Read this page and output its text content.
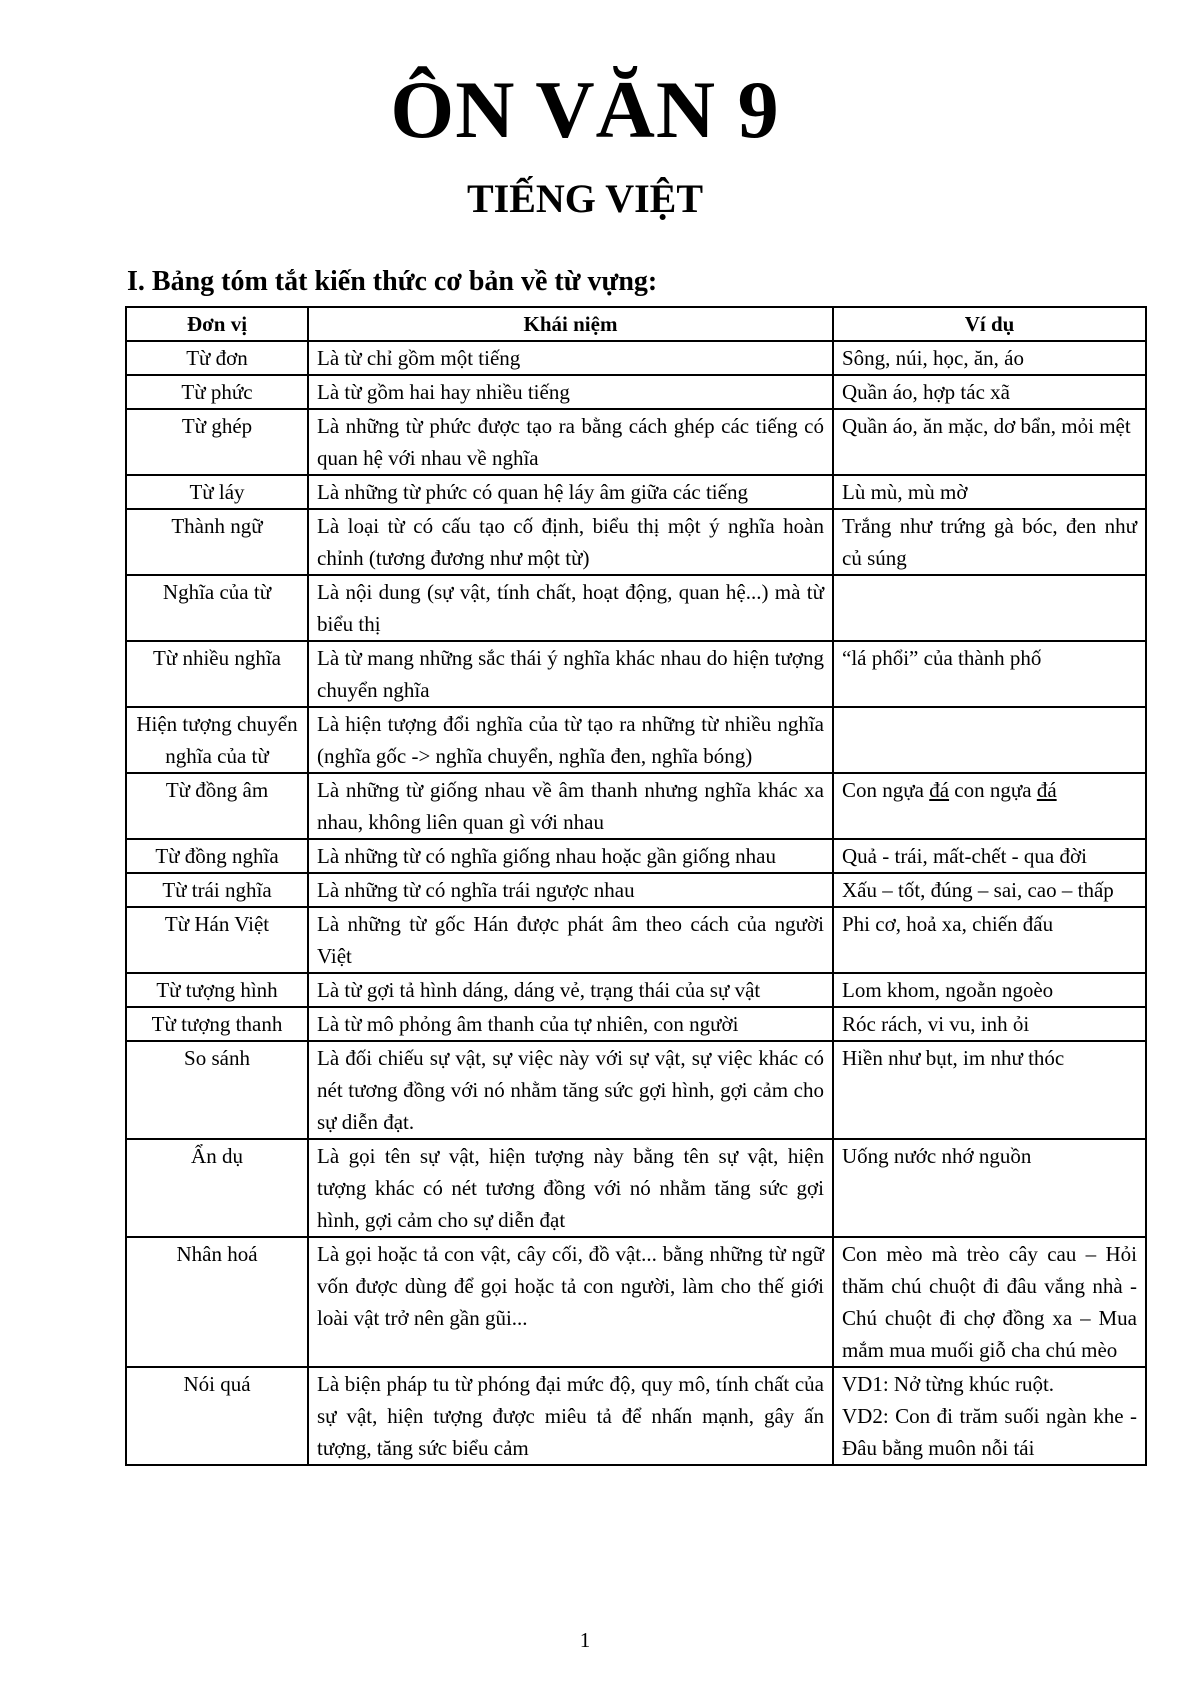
ÔN VĂN 9
TIẾNG VIỆT
I. Bảng tóm tắt kiến thức cơ bản về từ vựng:
Đơn vị	Khái niệm	Ví dụ
Từ đơn	Là từ chỉ gồm một tiếng	Sông, núi, học, ăn, áo
Từ phức	Là từ gồm hai hay nhiều tiếng	Quần áo, hợp tác xã
Từ ghép	Là những từ phức được tạo ra bằng cách ghép các tiếng có quan hệ với nhau về nghĩa	Quần áo, ăn mặc, dơ bẩn, mỏi mệt
Từ láy	Là những từ phức có quan hệ láy âm giữa các tiếng	Lù mù, mù mờ
Thành ngữ	Là loại từ có cấu tạo cố định, biểu thị một ý nghĩa hoàn chỉnh (tương đương như một từ)	Trắng như trứng gà bóc, đen như củ súng
Nghĩa của từ	Là nội dung (sự vật, tính chất, hoạt động, quan hệ...) mà từ biểu thị	
Từ nhiều nghĩa	Là từ mang những sắc thái ý nghĩa khác nhau do hiện tượng chuyển nghĩa	“lá phổi” của thành phố
Hiện tượng chuyển nghĩa của từ	Là hiện tượng đổi nghĩa của từ tạo ra những từ nhiều nghĩa (nghĩa gốc -> nghĩa chuyển, nghĩa đen, nghĩa bóng)	
Từ đồng âm	Là những từ giống nhau về âm thanh nhưng nghĩa khác xa nhau, không liên quan gì với nhau	Con ngựa đá con ngựa đá
Từ đồng nghĩa	Là những từ có nghĩa giống nhau hoặc gần giống nhau	Quả - trái, mất-chết - qua đời
Từ trái nghĩa	Là những từ có nghĩa trái ngược nhau	Xấu – tốt, đúng – sai, cao – thấp
Từ Hán Việt	Là những từ gốc Hán được phát âm theo cách của người Việt	Phi cơ, hoả xa, chiến đấu
Từ tượng hình	Là từ gợi tả hình dáng, dáng vẻ, trạng thái của sự vật	Lom khom, ngoằn ngoèo
Từ tượng thanh	Là từ mô phỏng âm thanh của tự nhiên, con người	Róc rách, vi vu, inh ỏi
So sánh	Là đối chiếu sự vật, sự việc này với sự vật, sự việc khác có nét tương đồng với nó nhằm tăng sức gợi hình, gợi cảm cho sự diễn đạt.	Hiền như bụt, im như thóc
Ẩn dụ	Là gọi tên sự vật, hiện tượng này bằng tên sự vật, hiện tượng khác có nét tương đồng với nó nhằm tăng sức gợi hình, gợi cảm cho sự diễn đạt	Uống nước nhớ nguồn
Nhân hoá	Là gọi hoặc tả con vật, cây cối, đồ vật... bằng những từ ngữ vốn được dùng để gọi hoặc tả con người, làm cho thế giới loài vật trở nên gần gũi...	Con mèo mà trèo cây cau – Hỏi thăm chú chuột đi đâu vắng nhà - Chú chuột đi chợ đồng xa – Mua mắm mua muối giỗ cha chú mèo
Nói quá	Là biện pháp tu từ phóng đại mức độ, quy mô, tính chất của sự vật, hiện tượng được miêu tả để nhấn mạnh, gây ấn tượng, tăng sức biểu cảm	VD1: Nở từng khúc ruột.
VD2: Con đi trăm suối ngàn khe - Đâu bằng muôn nỗi tái
1
